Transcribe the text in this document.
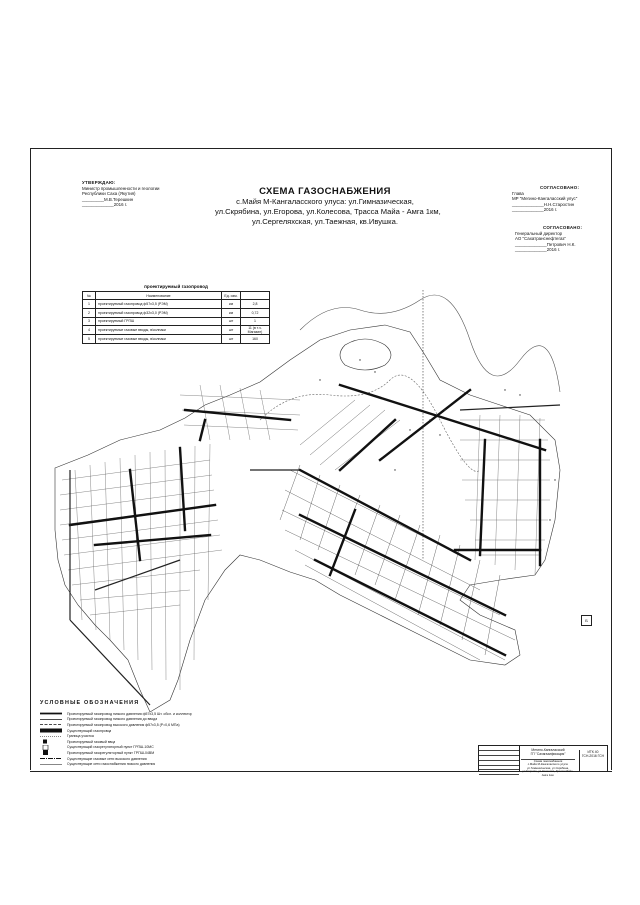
УТВЕРЖДАЮ:
Министр промышленности и геологии
Республики Саха (Якутия)
_________М.В.Терешкин
_____________2016 г.
СОГЛАСОВАНО:
Глава
МР "Мегино-Кангаласский улус"
_____________Н.Н.Старостин
_____________2016 г.
СОГЛАСОВАНО:
Генеральный директор
АО "Сахатранснефтегаз"
_____________Петрович Н.К.
_____________2016 г.
СХЕМА ГАЗОСНАБЖЕНИЯ
с.Майя М-Кангаласского улуса: ул.Гимназическая,
ул.Скрябина, ул.Егорова, ул.Колесова, Трасса Майа - Амга 1км,
ул.Сергеляхская, ул.Таежная, кв.Ивушка.
проектируемый газопровод
№	Наименование	Ед. изм.	
1	проектируемый газопровод ф57х3,5 (РЭМ)	км	2,8
2	проектируемый газопровод ф32х3,0 (РЭМ)	км	0,72
3	проектируемый ГРПШ	шт	1
4	проектируемые газовые вводы, в/колпаки	шт	11 (в т.ч. Магазин)
5	проектируемые газовые вводы, в/колпаки	шт	160
УСЛОВНЫЕ ОБОЗНАЧЕНИЯ
Проектируемый газопровод низкого давления ф57х3,5 Шт. обсл. и коллектор
Проектируемый газопровод низкого давления до ввода
Проектируемый газопровод высокого давления ф57х3,5 (Р=0,6 МПа)
Существующий газопровод
Граница участка
Проектируемый газовый ввод
Существующий газорегуляторный пункт ГРПШ-10МС
Проектируемый газорегуляторный пункт ГРПШ-04ВМ
Существующие газовые сети высокого давления
Существующие сети газоснабжения низкого давления
Б
Мегино-Кангаласский
ГП "Сахагазификация"
Схема газоснабжения
с.Майя М-Кангаласского улуса: ул.Гимназическая, ул.Скрябина,
ул.Егорова, ул.Колесова, Трасса Майа-Амга 1км.
ИТК 40
ГСН-2016 ГСН
